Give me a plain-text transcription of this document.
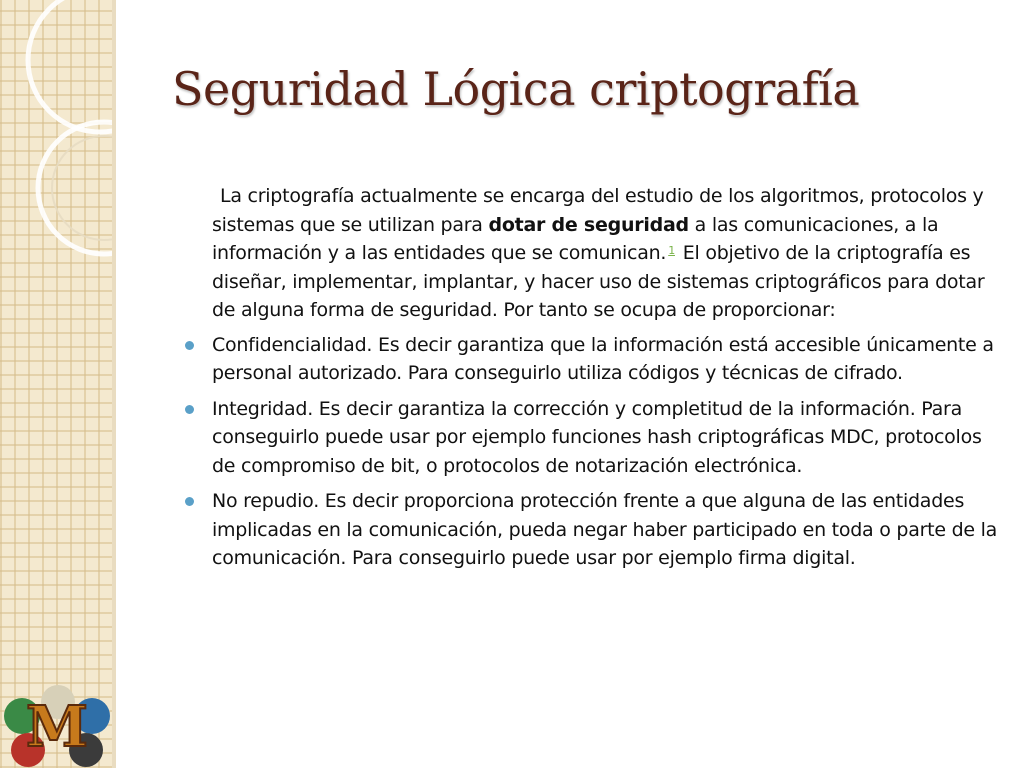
M
Seguridad Lógica criptografía

La criptografía actualmente se encarga del estudio de los algoritmos, protocolos y sistemas que se utilizan para dotar de seguridad a las comunicaciones, a la información y a las entidades que se comunican. $^1$ El objetivo de la criptografía es diseñar, implementar, implantar, y hacer uso de sistemas criptográficos para dotar de alguna forma de seguridad. Por tanto se ocupa de proporcionar:

Confidencialidad. Es decir garantiza que la información está accesible únicamente a personal autorizado. Para conseguirlo utiliza códigos y técnicas de cifrado.
Integridad. Es decir garantiza la corrección y completitud de la información. Para conseguirlo puede usar por ejemplo funciones hash criptográficas MDC, protocolos de compromiso de bit, o protocolos de notarización electrónica.
No repudio. Es decir proporciona protección frente a que alguna de las entidades implicadas en la comunicación, pueda negar haber participado en toda o parte de la comunicación. Para conseguirlo puede usar por ejemplo firma digital.
